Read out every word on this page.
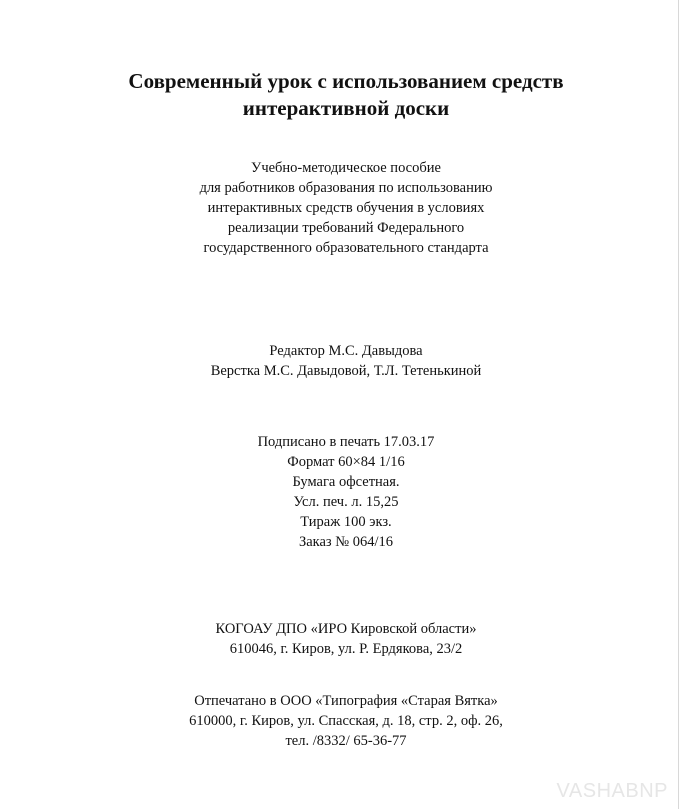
Современный урок с использованием средств
интерактивной доски
Учебно-методическое пособие
для работников образования по использованию
интерактивных средств обучения в условиях
реализации требований Федерального
государственного образовательного стандарта
Редактор М.С. Давыдова
Верстка М.С. Давыдовой, Т.Л. Тетенькиной
Подписано в печать 17.03.17
Формат 60×84 1/16
Бумага офсетная.
Усл. печ. л. 15,25
Тираж 100 экз.
Заказ № 064/16
КОГОАУ ДПО «ИРО Кировской области»
610046, г. Киров, ул. Р. Ердякова, 23/2
Отпечатано в ООО «Типография «Старая Вятка»
610000, г. Киров, ул. Спасская, д. 18, стр. 2, оф. 26,
тел. /8332/ 65-36-77
VASHABNP
